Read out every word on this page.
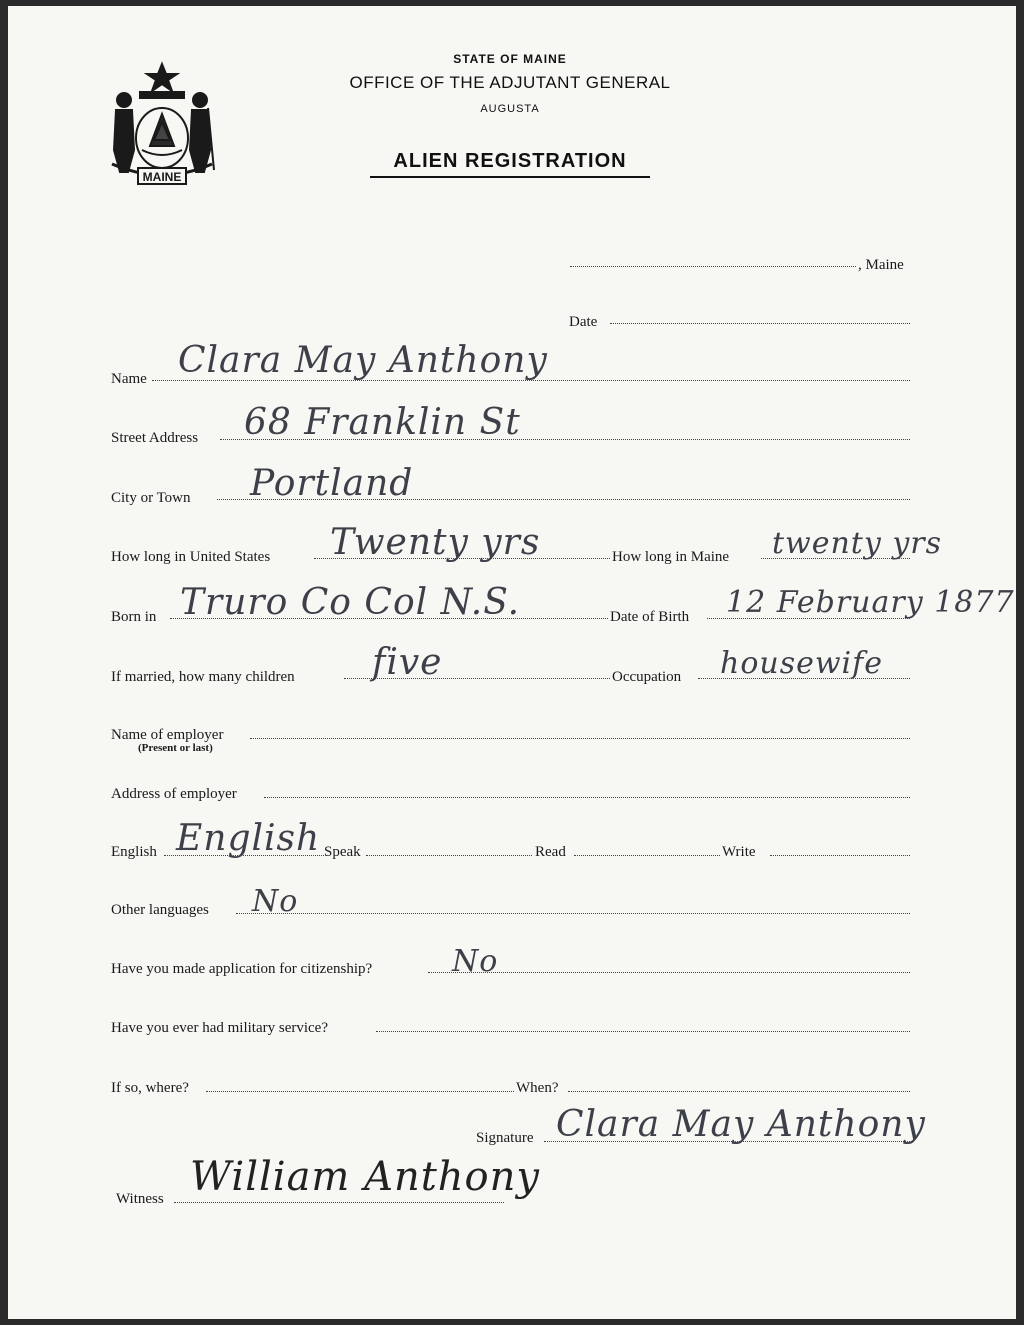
MAINE
STATE OF MAINE
OFFICE OF THE ADJUTANT GENERAL
AUGUSTA
ALIEN REGISTRATION
, Maine
Date
Name Clara May Anthony
Street Address 68 Franklin St
City or Town Portland
How long in United States Twenty yrs	How long in Maine twenty yrs
Born in Truro Co Col N.S.	Date of Birth 12 February 1877
If married, how many children five	Occupation housewife
Name of employer
(Present or last)
Address of employer
English English Speak	Read	Write
Other languages No
Have you made application for citizenship?	No
Have you ever had military service?
If so, where?	When?
Signature Clara May Anthony
Witness William Anthony
